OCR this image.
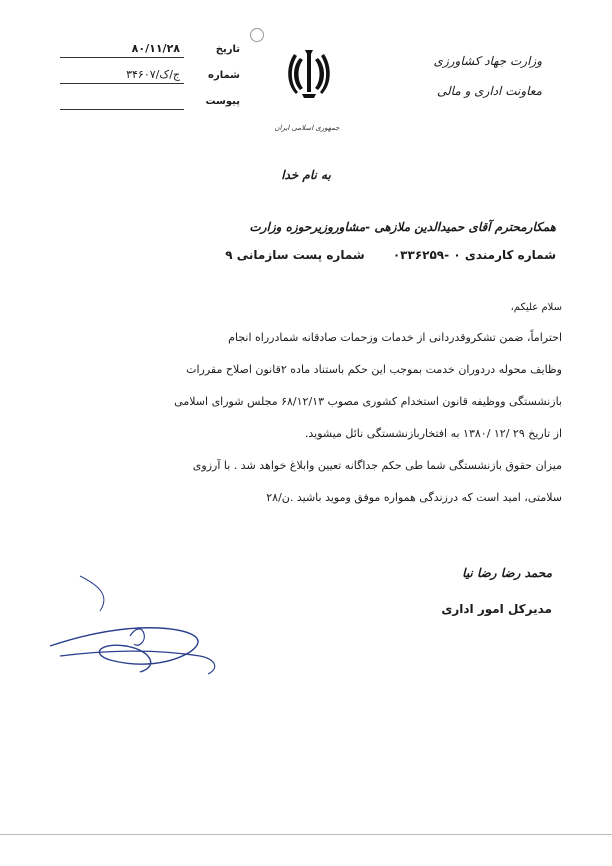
۸۰/۱۱/۲۸	تاریخ
۳۴۶۰۷/ج/ک	شماره
پیوست
جمهوری اسلامی ایران
وزارت جهاد کشاورزی
معاونت اداری و مالی
به نام خدا
همکارمحترم آقای حمیدالدین ملازهی -مشاوروزیرحوزه وزارت
شماره کارمندی ۰ -۰۳۳۶۲۵۹ شماره پست سازمانی ۹
سلام علیکم،
احتراماً، ضمن تشکروقدردانی از خدمات وزحمات صادقانه شمادرراه انجام
وظایف محوله دردوران خدمت بموجب این حکم باستناد ماده ۲قانون اصلاح مقررات
بازنشستگی ووظیفه قانون استخدام کشوری مصوب ۶۸/۱۲/۱۳ مجلس شورای اسلامی
از تاریخ ۲۹ /۱۲ /۱۳۸۰ به افتخاربازنشستگی نائل میشوید.
میزان حقوق بازنشستگی شما طی حکم جداگانه تعیین وابلاغ خواهد شد . با آرزوی
سلامتی، امید است که درزندگی همواره موفق وموید باشید .ن/۲۸
محمد رضا رضا نیا
مدیرکل امور اداری
